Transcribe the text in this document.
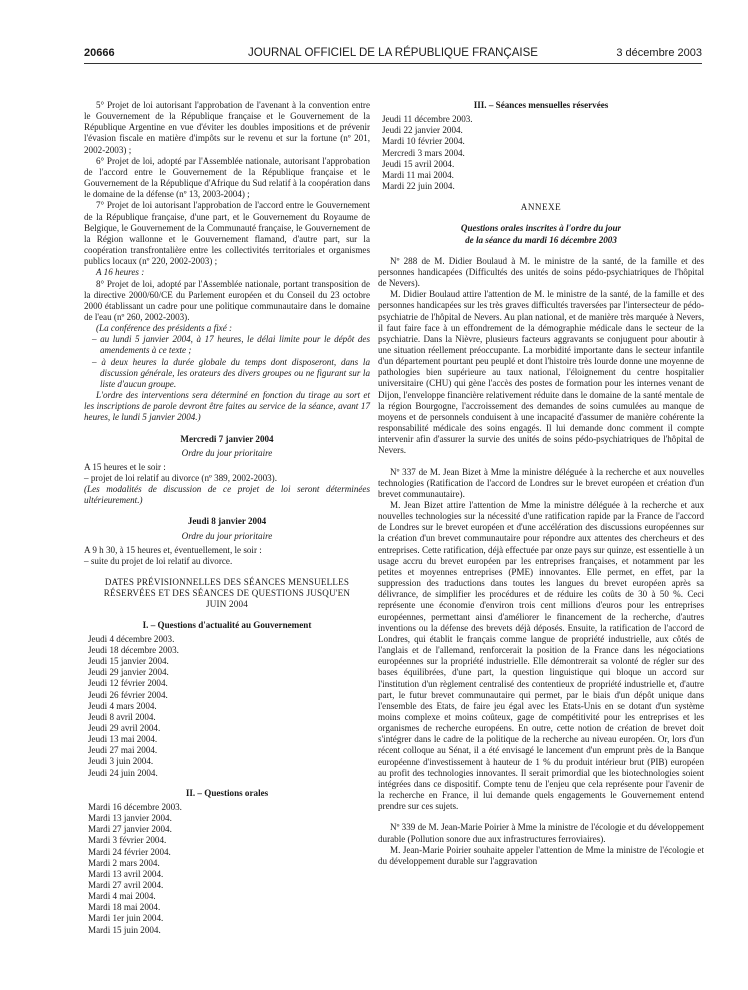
20666	JOURNAL OFFICIEL DE LA RÉPUBLIQUE FRANÇAISE	3 décembre 2003

5° Projet de loi autorisant l'approbation de l'avenant à la convention entre le Gouvernement de la République française et le Gouvernement de la République Argentine en vue d'éviter les doubles impositions et de prévenir l'évasion fiscale en matière d'impôts sur le revenu et sur la fortune (nº 201, 2002-2003) ;

6° Projet de loi, adopté par l'Assemblée nationale, autorisant l'approbation de l'accord entre le Gouvernement de la République française et le Gouvernement de la République d'Afrique du Sud relatif à la coopération dans le domaine de la défense (nº 13, 2003-2004) ;

7° Projet de loi autorisant l'approbation de l'accord entre le Gouvernement de la République française, d'une part, et le Gouvernement du Royaume de Belgique, le Gouvernement de la Communauté française, le Gouvernement de la Région wallonne et le Gouvernement flamand, d'autre part, sur la coopération transfrontalière entre les collectivités territoriales et organismes publics locaux (nº 220, 2002-2003) ;

A 16 heures :

8° Projet de loi, adopté par l'Assemblée nationale, portant transposition de la directive 2000/60/CE du Parlement européen et du Conseil du 23 octobre 2000 établissant un cadre pour une politique communautaire dans le domaine de l'eau (nº 260, 2002-2003).

(La conférence des présidents a fixé :

– au lundi 5 janvier 2004, à 17 heures, le délai limite pour le dépôt des amendements à ce texte ;

– à deux heures la durée globale du temps dont disposeront, dans la discussion générale, les orateurs des divers groupes ou ne figurant sur la liste d'aucun groupe.

L'ordre des interventions sera déterminé en fonction du tirage au sort et les inscriptions de parole devront être faites au service de la séance, avant 17 heures, le lundi 5 janvier 2004.)

Mercredi 7 janvier 2004

Ordre du jour prioritaire

A 15 heures et le soir :

– projet de loi relatif au divorce (nº 389, 2002-2003).

(Les modalités de discussion de ce projet de loi seront déterminées ultérieurement.)

Jeudi 8 janvier 2004

Ordre du jour prioritaire

A 9 h 30, à 15 heures et, éventuellement, le soir :

– suite du projet de loi relatif au divorce.

DATES PRÉVISIONNELLES DES SÉANCES MENSUELLES RÉSERVÉES ET DES SÉANCES DE QUESTIONS JUSQU'EN JUIN 2004

I. – Questions d'actualité au Gouvernement

Jeudi 4 décembre 2003.
Jeudi 18 décembre 2003.
Jeudi 15 janvier 2004.
Jeudi 29 janvier 2004.
Jeudi 12 février 2004.
Jeudi 26 février 2004.
Jeudi 4 mars 2004.
Jeudi 8 avril 2004.
Jeudi 29 avril 2004.
Jeudi 13 mai 2004.
Jeudi 27 mai 2004.
Jeudi 3 juin 2004.
Jeudi 24 juin 2004.

II. – Questions orales

Mardi 16 décembre 2003.
Mardi 13 janvier 2004.
Mardi 27 janvier 2004.
Mardi 3 février 2004.
Mardi 24 février 2004.
Mardi 2 mars 2004.
Mardi 13 avril 2004.
Mardi 27 avril 2004.
Mardi 4 mai 2004.
Mardi 18 mai 2004.
Mardi 1er juin 2004.
Mardi 15 juin 2004.

III. – Séances mensuelles réservées

Jeudi 11 décembre 2003.
Jeudi 22 janvier 2004.
Mardi 10 février 2004.
Mercredi 3 mars 2004.
Jeudi 15 avril 2004.
Mardi 11 mai 2004.
Mardi 22 juin 2004.

ANNEXE

Questions orales inscrites à l'ordre du jour

de la séance du mardi 16 décembre 2003

Nº 288 de M. Didier Boulaud à M. le ministre de la santé, de la famille et des personnes handicapées (Difficultés des unités de soins pédo-psychiatriques de l'hôpital de Nevers).

M. Didier Boulaud attire l'attention de M. le ministre de la santé, de la famille et des personnes handicapées sur les très graves difficultés traversées par l'intersecteur de pédo-psychiatrie de l'hôpital de Nevers. Au plan national, et de manière très marquée à Nevers, il faut faire face à un effondrement de la démographie médicale dans le secteur de la psychiatrie. Dans la Nièvre, plusieurs facteurs aggravants se conjuguent pour aboutir à une situation réellement préoccupante. La morbidité importante dans le secteur infantile d'un département pourtant peu peuplé et dont l'histoire très lourde donne une moyenne de pathologies bien supérieure au taux national, l'éloignement du centre hospitalier universitaire (CHU) qui gène l'accès des postes de formation pour les internes venant de Dijon, l'enveloppe financière relativement réduite dans le domaine de la santé mentale de la région Bourgogne, l'accroissement des demandes de soins cumulées au manque de moyens et de personnels conduisent à une incapacité d'assumer de manière cohérente la responsabilité médicale des soins engagés. Il lui demande donc comment il compte intervenir afin d'assurer la survie des unités de soins pédo-psychiatriques de l'hôpital de Nevers.

Nº 337 de M. Jean Bizet à Mme la ministre déléguée à la recherche et aux nouvelles technologies (Ratification de l'accord de Londres sur le brevet européen et création d'un brevet communautaire).

M. Jean Bizet attire l'attention de Mme la ministre déléguée à la recherche et aux nouvelles technologies sur la nécessité d'une ratification rapide par la France de l'accord de Londres sur le brevet européen et d'une accélération des discussions européennes sur la création d'un brevet communautaire pour répondre aux attentes des chercheurs et des entreprises. Cette ratification, déjà effectuée par onze pays sur quinze, est essentielle à un usage accru du brevet européen par les entreprises françaises, et notamment par les petites et moyennes entreprises (PME) innovantes. Elle permet, en effet, par la suppression des traductions dans toutes les langues du brevet européen après sa délivrance, de simplifier les procédures et de réduire les coûts de 30 à 50 %. Ceci représente une économie d'environ trois cent millions d'euros pour les entreprises européennes, permettant ainsi d'améliorer le financement de la recherche, d'autres inventions ou la défense des brevets déjà déposés. Ensuite, la ratification de l'accord de Londres, qui établit le français comme langue de propriété industrielle, aux côtés de l'anglais et de l'allemand, renforcerait la position de la France dans les négociations européennes sur la propriété industrielle. Elle démontrerait sa volonté de régler sur des bases équilibrées, d'une part, la question linguistique qui bloque un accord sur l'institution d'un règlement centralisé des contentieux de propriété industrielle et, d'autre part, le futur brevet communautaire qui permet, par le biais d'un dépôt unique dans l'ensemble des Etats, de faire jeu égal avec les Etats-Unis en se dotant d'un système moins complexe et moins coûteux, gage de compétitivité pour les entreprises et les organismes de recherche européens. En outre, cette notion de création de brevet doit s'intégrer dans le cadre de la politique de la recherche au niveau européen. Or, lors d'un récent colloque au Sénat, il a été envisagé le lancement d'un emprunt près de la Banque européenne d'investissement à hauteur de 1 % du produit intérieur brut (PIB) européen au profit des technologies innovantes. Il serait primordial que les biotechnologies soient intégrées dans ce dispositif. Compte tenu de l'enjeu que cela représente pour l'avenir de la recherche en France, il lui demande quels engagements le Gouvernement entend prendre sur ces sujets.

Nº 339 de M. Jean-Marie Poirier à Mme la ministre de l'écologie et du développement durable (Pollution sonore due aux infrastructures ferroviaires).

M. Jean-Marie Poirier souhaite appeler l'attention de Mme la ministre de l'écologie et du développement durable sur l'aggravation
